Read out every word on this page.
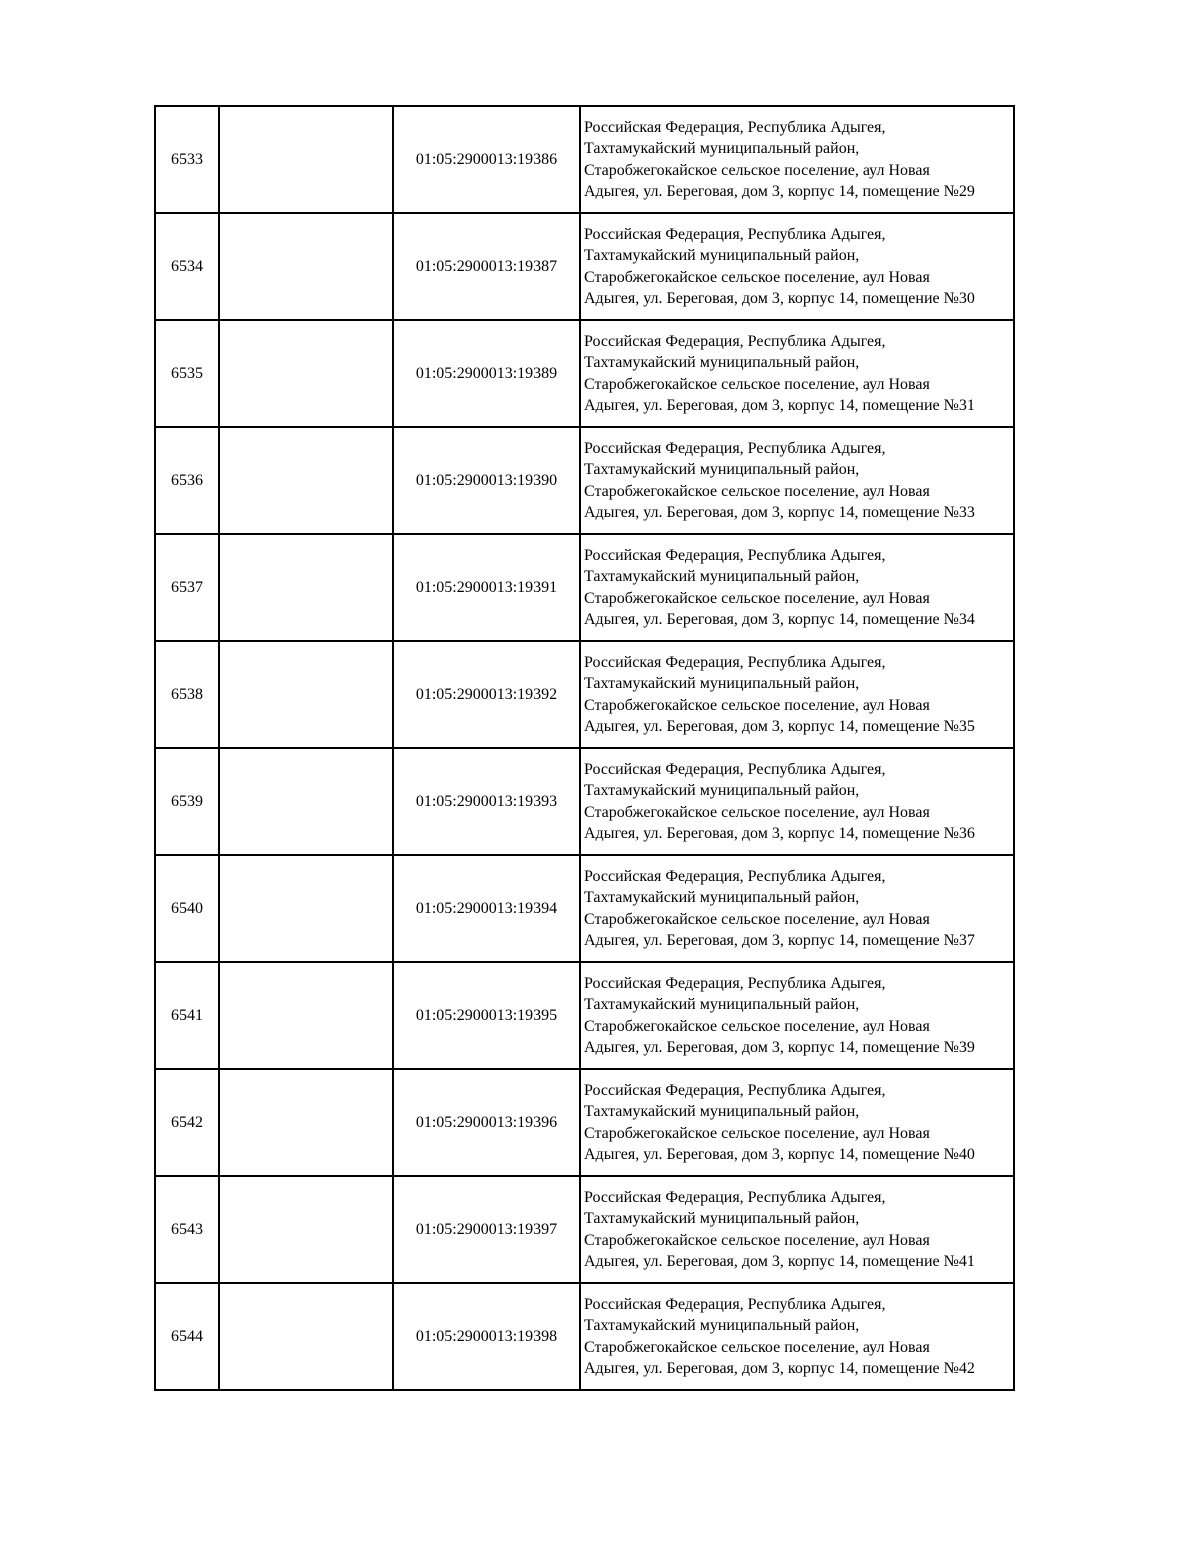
6533		01:05:2900013:19386	Российская Федерация, Республика Адыгея,
Тахтамукайский муниципальный район,
Старобжегокайское сельское поселение, аул Новая
Адыгея, ул. Береговая, дом 3, корпус 14, помещение №29

6534		01:05:2900013:19387	Российская Федерация, Республика Адыгея,
Тахтамукайский муниципальный район,
Старобжегокайское сельское поселение, аул Новая
Адыгея, ул. Береговая, дом 3, корпус 14, помещение №30

6535		01:05:2900013:19389	Российская Федерация, Республика Адыгея,
Тахтамукайский муниципальный район,
Старобжегокайское сельское поселение, аул Новая
Адыгея, ул. Береговая, дом 3, корпус 14, помещение №31

6536		01:05:2900013:19390	Российская Федерация, Республика Адыгея,
Тахтамукайский муниципальный район,
Старобжегокайское сельское поселение, аул Новая
Адыгея, ул. Береговая, дом 3, корпус 14, помещение №33

6537		01:05:2900013:19391	Российская Федерация, Республика Адыгея,
Тахтамукайский муниципальный район,
Старобжегокайское сельское поселение, аул Новая
Адыгея, ул. Береговая, дом 3, корпус 14, помещение №34

6538		01:05:2900013:19392	Российская Федерация, Республика Адыгея,
Тахтамукайский муниципальный район,
Старобжегокайское сельское поселение, аул Новая
Адыгея, ул. Береговая, дом 3, корпус 14, помещение №35

6539		01:05:2900013:19393	Российская Федерация, Республика Адыгея,
Тахтамукайский муниципальный район,
Старобжегокайское сельское поселение, аул Новая
Адыгея, ул. Береговая, дом 3, корпус 14, помещение №36

6540		01:05:2900013:19394	Российская Федерация, Республика Адыгея,
Тахтамукайский муниципальный район,
Старобжегокайское сельское поселение, аул Новая
Адыгея, ул. Береговая, дом 3, корпус 14, помещение №37

6541		01:05:2900013:19395	Российская Федерация, Республика Адыгея,
Тахтамукайский муниципальный район,
Старобжегокайское сельское поселение, аул Новая
Адыгея, ул. Береговая, дом 3, корпус 14, помещение №39

6542		01:05:2900013:19396	Российская Федерация, Республика Адыгея,
Тахтамукайский муниципальный район,
Старобжегокайское сельское поселение, аул Новая
Адыгея, ул. Береговая, дом 3, корпус 14, помещение №40

6543		01:05:2900013:19397	Российская Федерация, Республика Адыгея,
Тахтамукайский муниципальный район,
Старобжегокайское сельское поселение, аул Новая
Адыгея, ул. Береговая, дом 3, корпус 14, помещение №41

6544		01:05:2900013:19398	Российская Федерация, Республика Адыгея,
Тахтамукайский муниципальный район,
Старобжегокайское сельское поселение, аул Новая
Адыгея, ул. Береговая, дом 3, корпус 14, помещение №42
